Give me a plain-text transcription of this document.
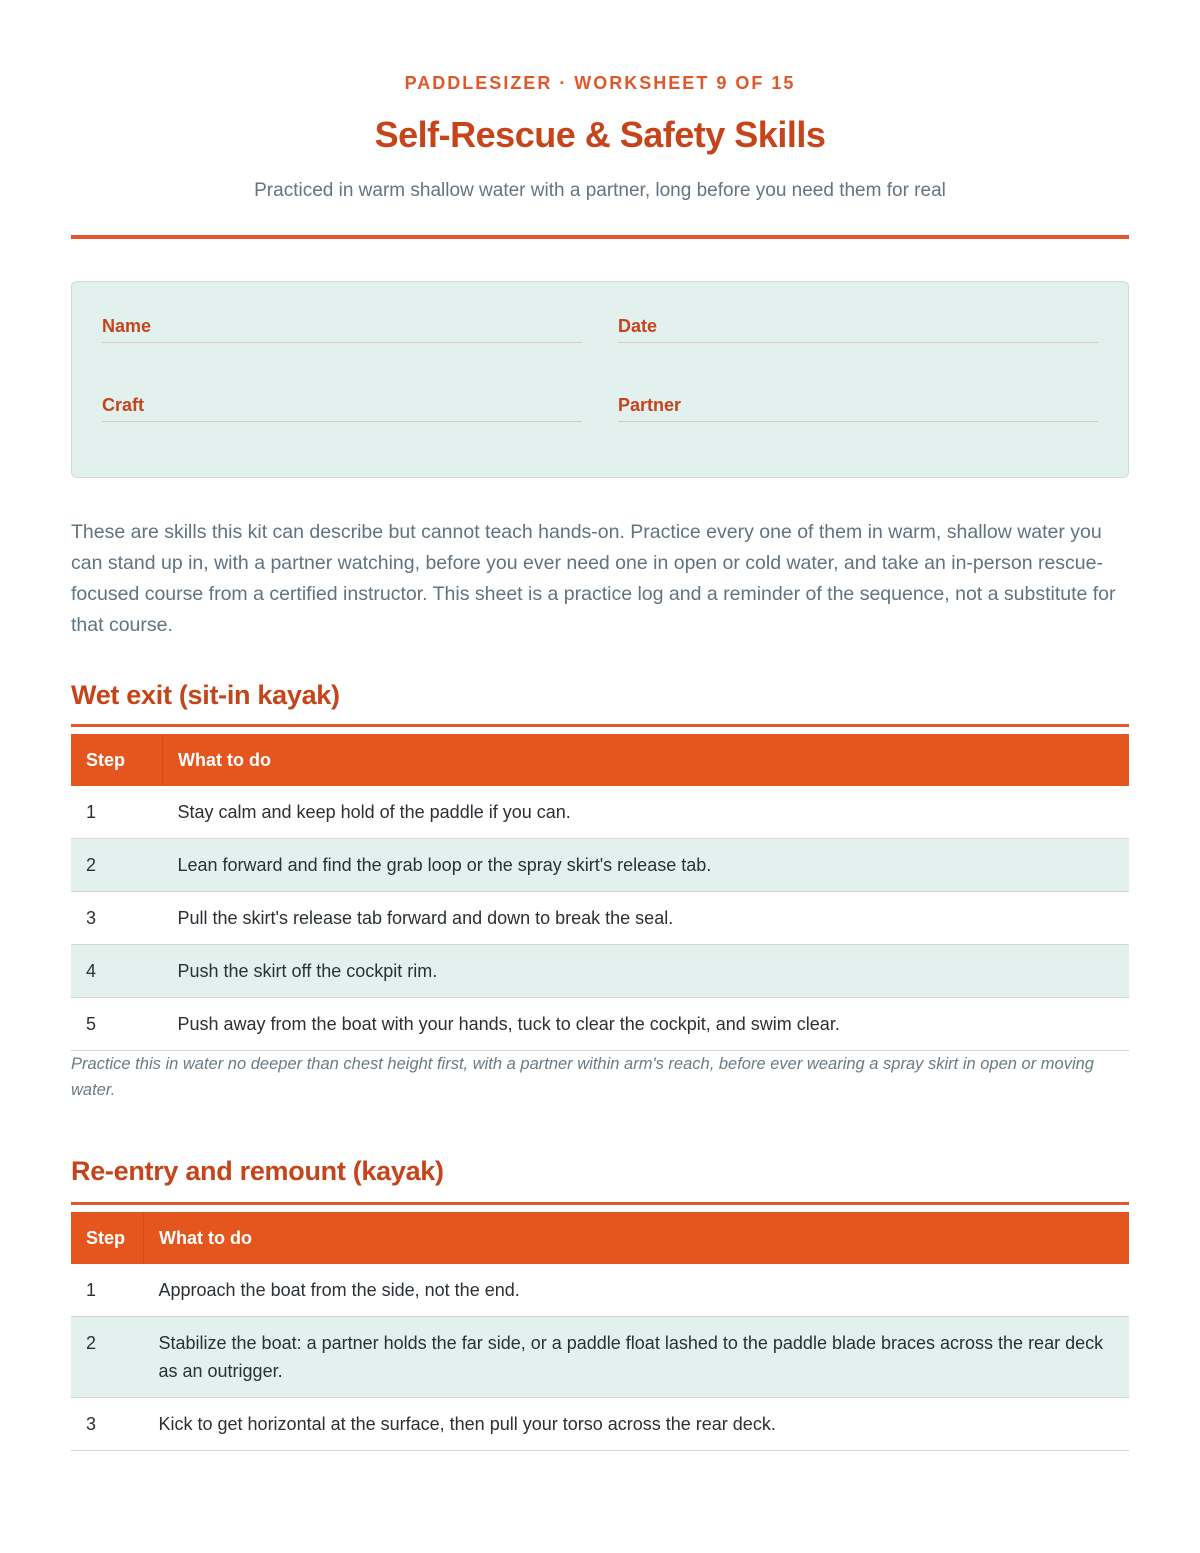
PADDLESIZER · WORKSHEET 9 OF 15
Self-Rescue & Safety Skills
Practiced in warm shallow water with a partner, long before you need them for real
Name	Date
Craft	Partner

These are skills this kit can describe but cannot teach hands-on. Practice every one of them in warm, shallow water you can stand up in, with a partner watching, before you ever need one in open or cold water, and take an in-person rescue-focused course from a certified instructor. This sheet is a practice log and a reminder of the sequence, not a substitute for that course.

Wet exit (sit-in kayak)
Step	What to do
1	Stay calm and keep hold of the paddle if you can.
2	Lean forward and find the grab loop or the spray skirt's release tab.
3	Pull the skirt's release tab forward and down to break the seal.
4	Push the skirt off the cockpit rim.
5	Push away from the boat with your hands, tuck to clear the cockpit, and swim clear.

Practice this in water no deeper than chest height first, with a partner within arm's reach, before ever wearing a spray skirt in open or moving water.

Re-entry and remount (kayak)
Step	What to do
1	Approach the boat from the side, not the end.
2	Stabilize the boat: a partner holds the far side, or a paddle float lashed to the paddle blade braces across the rear deck as an outrigger.
3	Kick to get horizontal at the surface, then pull your torso across the rear deck.
